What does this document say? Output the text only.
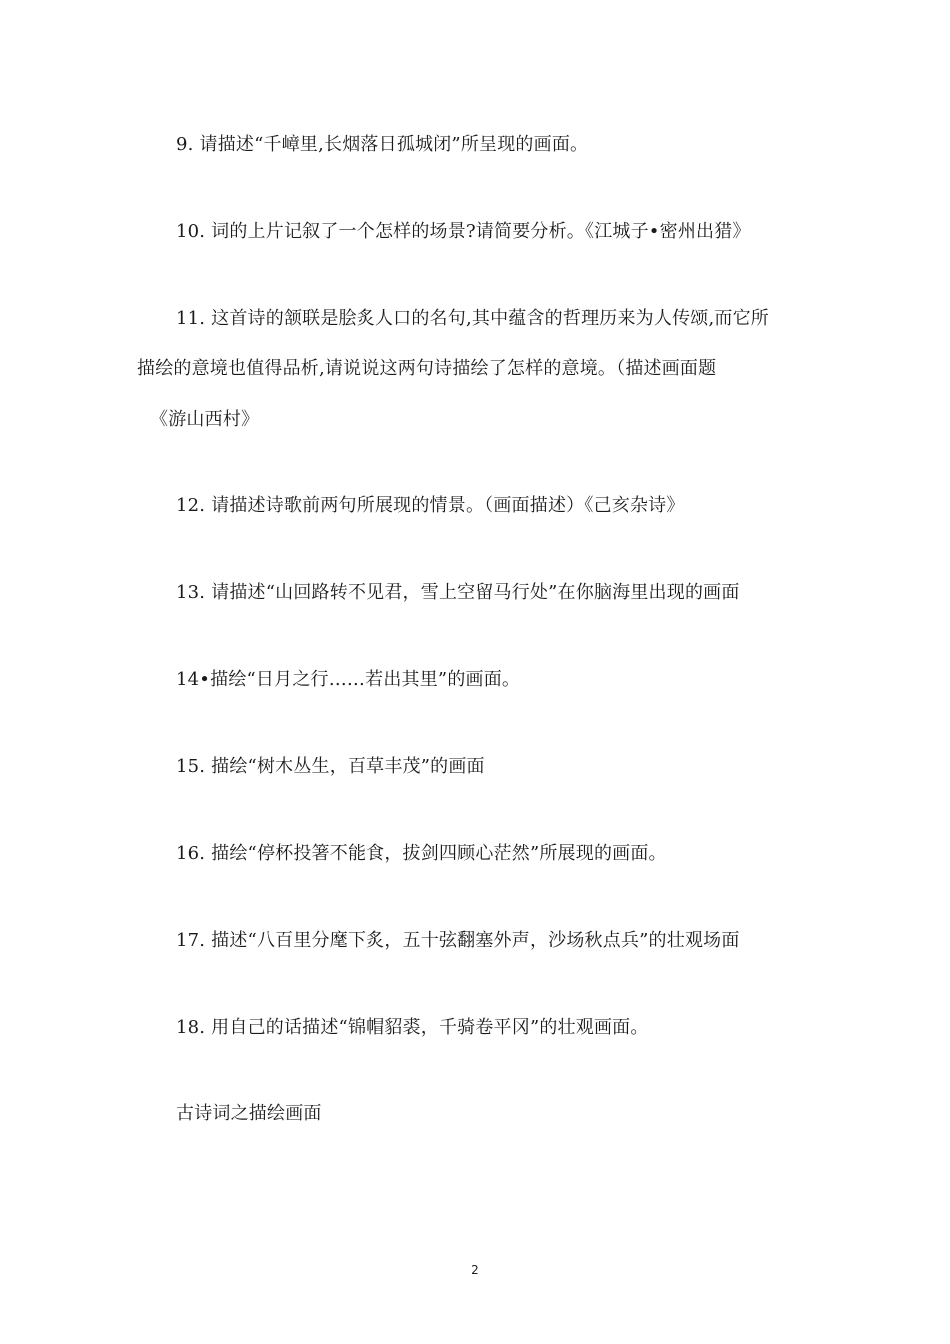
9. 请描述“千嶂里,长烟落日孤城闭”所呈现的画面。
10. 词的上片记叙了一个怎样的场景?请简要分析。《江城子•密州出猎》
11. 这首诗的颔联是脍炙人口的名句,其中蕴含的哲理历来为人传颂,而它所
描绘的意境也值得品析,请说说这两句诗描绘了怎样的意境。（描述画面题
《游山西村》
12. 请描述诗歌前两句所展现的情景。（画面描述）《己亥杂诗》
13. 请描述“山回路转不见君，雪上空留马行处”在你脑海里出现的画面
14•描绘“日月之行……若出其里”的画面。
15. 描绘“树木丛生，百草丰茂”的画面
16. 描绘“停杯投箸不能食，拔剑四顾心茫然”所展现的画面。
17. 描述“八百里分麾下炙，五十弦翻塞外声，沙场秋点兵”的壮观场面
18. 用自己的话描述“锦帽貂裘，千骑卷平冈”的壮观画面。
古诗词之描绘画面
2
